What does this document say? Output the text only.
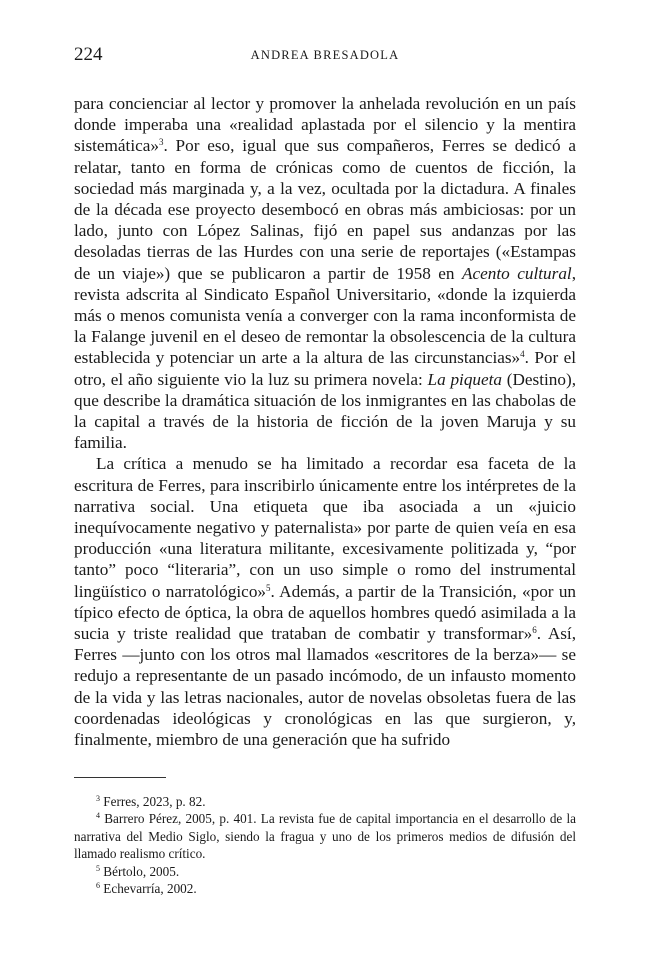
224	ANDREA BRESADOLA

para concienciar al lector y promover la anhelada revolución en un país donde imperaba una «realidad aplastada por el silencio y la mentira sistemática»$^3$. Por eso, igual que sus compañeros, Ferres se dedicó a relatar, tanto en forma de crónicas como de cuentos de ficción, la sociedad más marginada y, a la vez, ocultada por la dictadura. A finales de la década ese proyecto desembocó en obras más ambiciosas: por un lado, junto con López Salinas, fijó en papel sus andanzas por las desoladas tierras de las Hurdes con una serie de reportajes («Estampas de un viaje») que se publicaron a partir de 1958 en Acento cultural, revista adscrita al Sindicato Español Universitario, «donde la izquierda más o menos comunista venía a converger con la rama inconformista de la Falange juvenil en el deseo de remontar la obsolescencia de la cultura establecida y potenciar un arte a la altura de las circunstancias»$^4$. Por el otro, el año siguiente vio la luz su primera novela: La piqueta (Destino), que describe la dramática situación de los inmigrantes en las chabolas de la capital a través de la historia de ficción de la joven Maruja y su familia.

La crítica a menudo se ha limitado a recordar esa faceta de la escritura de Ferres, para inscribirlo únicamente entre los intérpretes de la narrativa social. Una etiqueta que iba asociada a un «juicio inequívocamente negativo y paternalista» por parte de quien veía en esa producción «una literatura militante, excesivamente politizada y, “por tanto” poco “literaria”, con un uso simple o romo del instrumental lingüístico o narratológico»$^5$. Además, a partir de la Transición, «por un típico efecto de óptica, la obra de aquellos hombres quedó asimilada a la sucia y triste realidad que trataban de combatir y transformar»$^6$. Así, Ferres —junto con los otros mal llamados «escritores de la berza»— se redujo a representante de un pasado incómodo, de un infausto momento de la vida y las letras nacionales, autor de novelas obsoletas fuera de las coordenadas ideológicas y cronológicas en las que surgieron, y, finalmente, miembro de una generación que ha sufrido

$^3$ Ferres, 2023, p. 82.

$^4$ Barrero Pérez, 2005, p. 401. La revista fue de capital importancia en el desarrollo de la narrativa del Medio Siglo, siendo la fragua y uno de los primeros medios de difusión del llamado realismo crítico.

$^5$ Bértolo, 2005.

$^6$ Echevarría, 2002.
